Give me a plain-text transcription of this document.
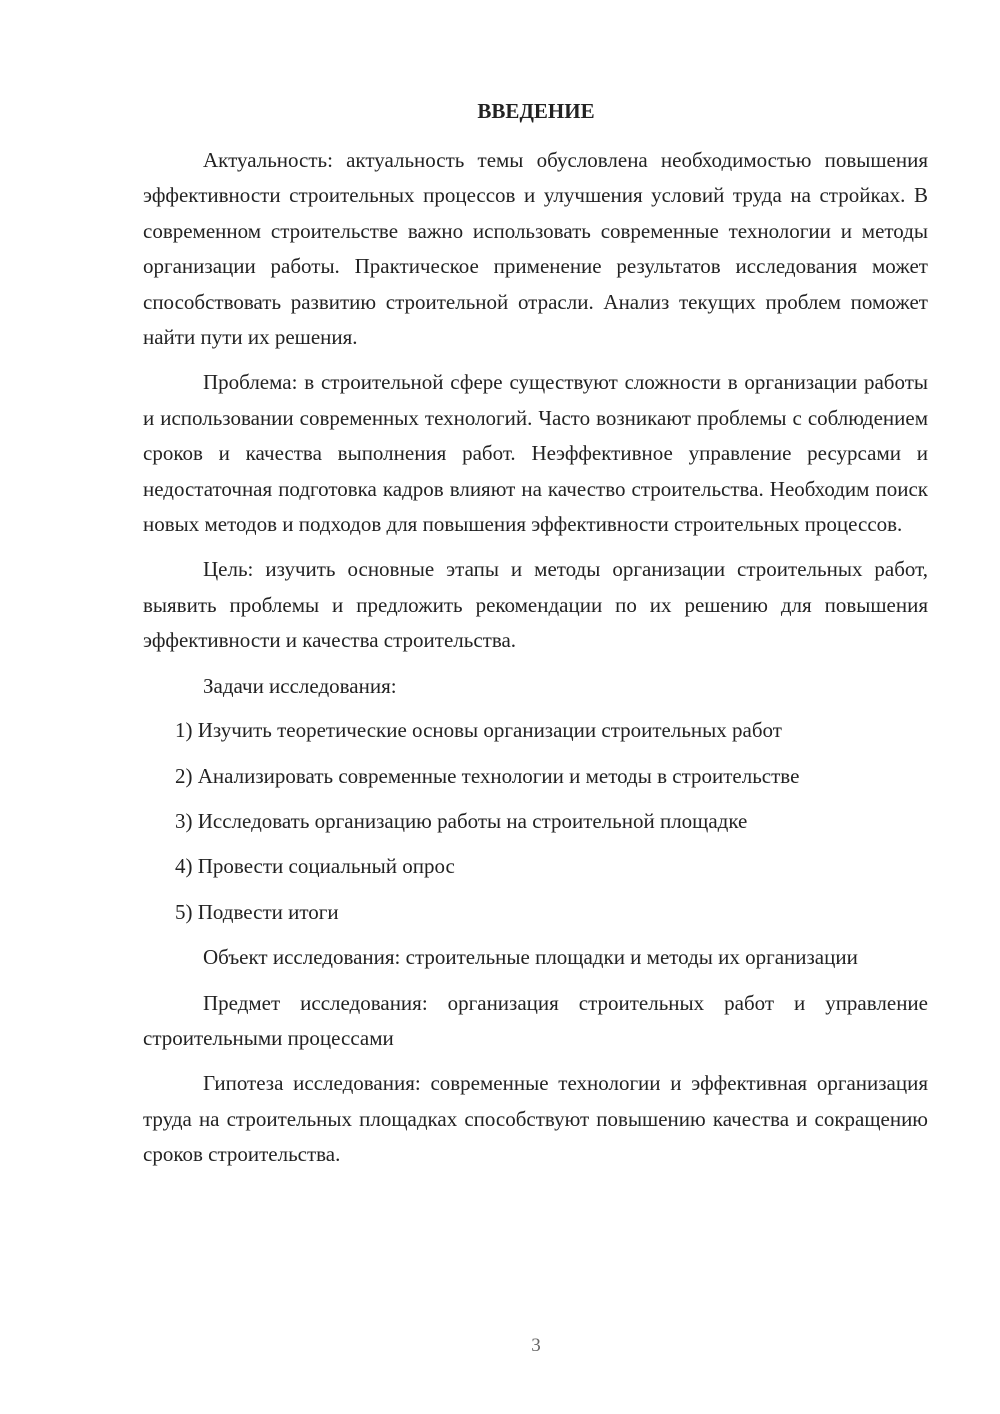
ВВЕДЕНИЕ

Актуальность: актуальность темы обусловлена необходимостью повышения эффективности строительных процессов и улучшения условий труда на стройках. В современном строительстве важно использовать современные технологии и методы организации работы. Практическое применение результатов исследования может способствовать развитию строительной отрасли. Анализ текущих проблем поможет найти пути их решения.

Проблема: в строительной сфере существуют сложности в организации работы и использовании современных технологий. Часто возникают проблемы с соблюдением сроков и качества выполнения работ. Неэффективное управление ресурсами и недостаточная подготовка кадров влияют на качество строительства. Необходим поиск новых методов и подходов для повышения эффективности строительных процессов.

Цель: изучить основные этапы и методы организации строительных работ, выявить проблемы и предложить рекомендации по их решению для повышения эффективности и качества строительства.

Задачи исследования:

1) Изучить теоретические основы организации строительных работ
2) Анализировать современные технологии и методы в строительстве
3) Исследовать организацию работы на строительной площадке
4) Провести социальный опрос
5) Подвести итоги

Объект исследования: строительные площадки и методы их организации

Предмет исследования: организация строительных работ и управление строительными процессами

Гипотеза исследования: современные технологии и эффективная организация труда на строительных площадках способствуют повышению качества и сокращению сроков строительства.

3
